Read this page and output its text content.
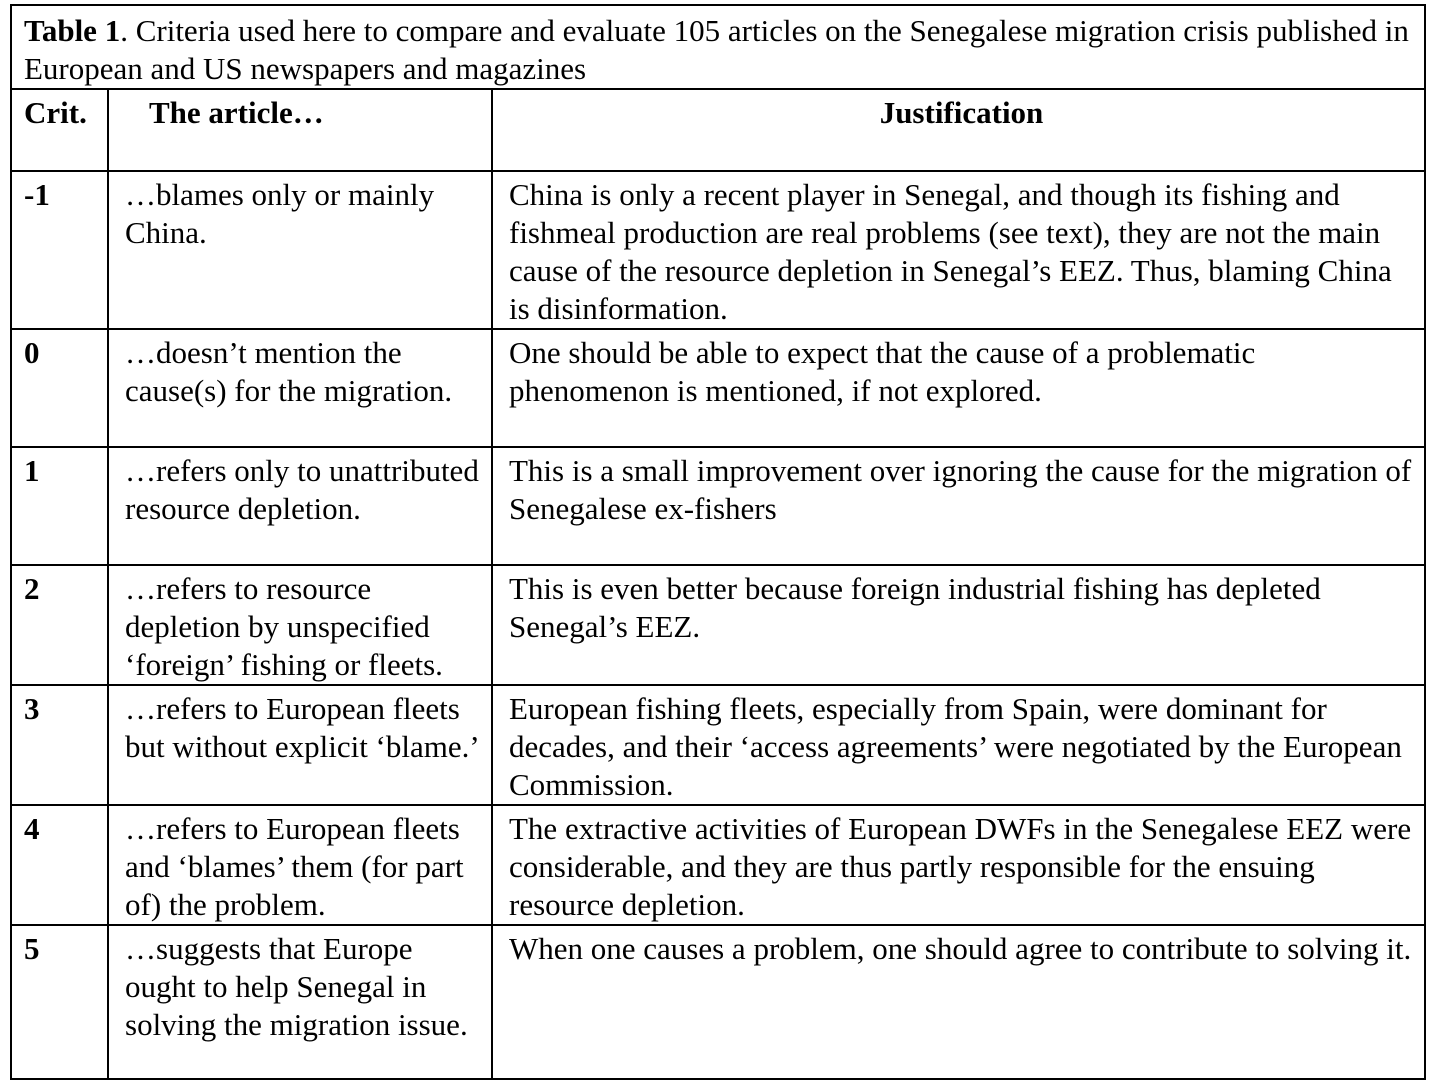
Table 1. Criteria used here to compare and evaluate 105 articles on the Senegalese migration crisis published in European and US newspapers and magazines		
Crit.	The article…	Justification

-1	…blames only or mainly China.	China is only a recent player in Senegal, and though its fishing and fishmeal production are real problems (see text), they are not the main cause of the resource depletion in Senegal’s EEZ. Thus, blaming China is disinformation.

0	…doesn’t mention the cause(s) for the migration.	One should be able to expect that the cause of a problematic phenomenon is mentioned, if not explored.

1	…refers only to unattributed resource depletion.	This is a small improvement over ignoring the cause for the migration of Senegalese ex-fishers

2	…refers to resource depletion by unspecified ‘foreign’ fishing or fleets.	This is even better because foreign industrial fishing has depleted Senegal’s EEZ.

3	…refers to European fleets but without explicit ‘blame.’	European fishing fleets, especially from Spain, were dominant for decades, and their ‘access agreements’ were negotiated by the European Commission.

4	…refers to European fleets and ‘blames’ them (for part of) the problem.	The extractive activities of European DWFs in the Senegalese EEZ were considerable, and they are thus partly responsible for the ensuing resource depletion.

5	…suggests that Europe ought to help Senegal in solving the migration issue.	When one causes a problem, one should agree to contribute to solving it.
